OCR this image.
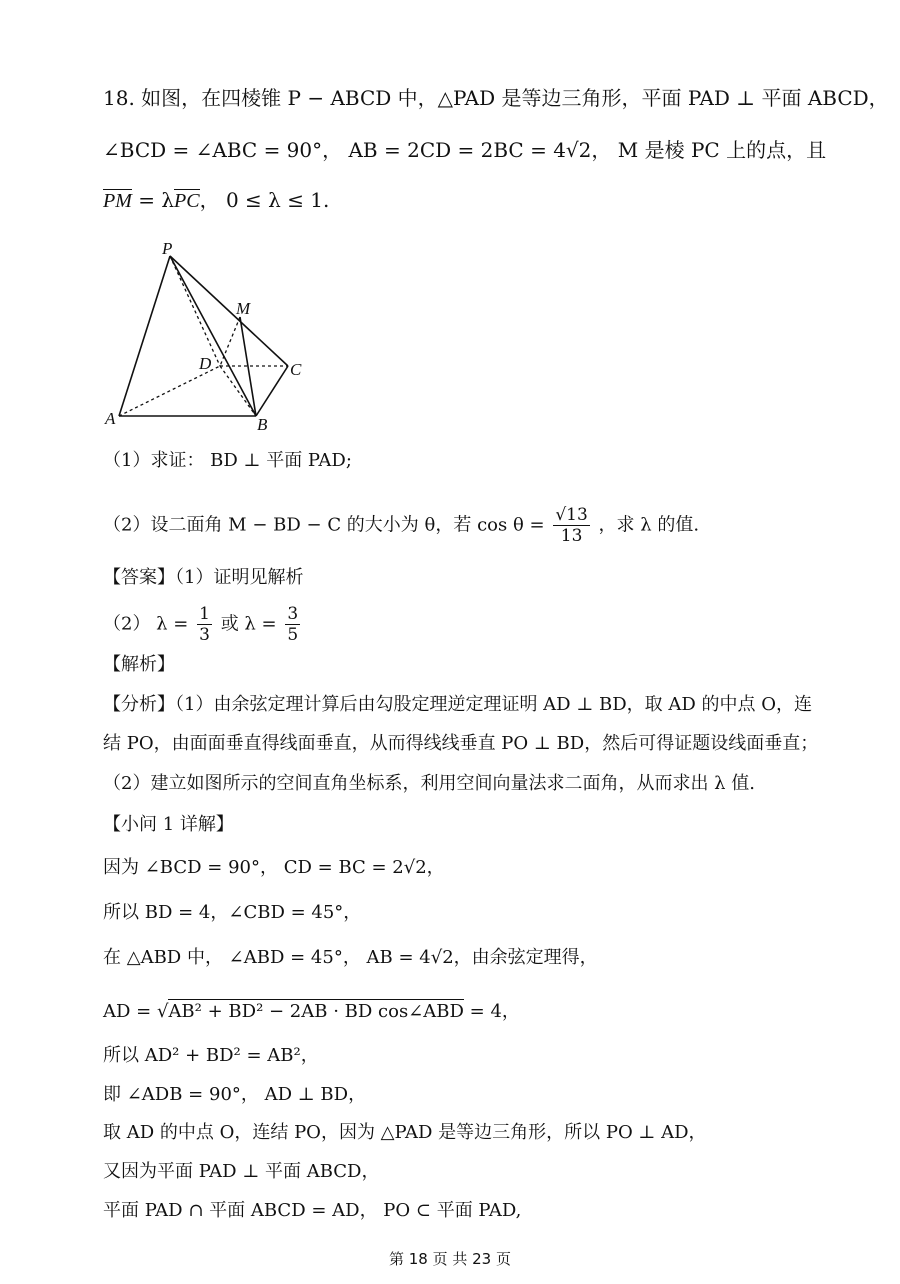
18. 如图，在四棱锥 P − ABCD 中，△PAD 是等边三角形，平面 PAD ⊥ 平面 ABCD，
∠BCD = ∠ABC = 90°， AB = 2CD = 2BC = 4√2， M 是棱 PC 上的点，且
PM = λPC， 0 ≤ λ ≤ 1.
P
M
D	C
A	B
（1）求证： BD ⊥ 平面 PAD;
（2）设二面角 M − BD − C 的大小为 θ，若 $\cos \theta = \frac{√13}{13}$ ，求 λ 的值.
【答案】（1）证明见解析
（2） $\lambda = \frac{1}{3}$ 或 $\lambda = \frac{3}{5}$
【解析】
【分析】（1）由余弦定理计算后由勾股定理逆定理证明 AD ⊥ BD，取 AD 的中点 O，连
结 PO，由面面垂直得线面垂直，从而得线线垂直 PO ⊥ BD，然后可得证题设线面垂直；
（2）建立如图所示的空间直角坐标系，利用空间向量法求二面角，从而求出 λ 值.
【小问 1 详解】
因为 ∠BCD = 90°， CD = BC = 2√2，
所以 BD = 4，∠CBD = 45°，
在 △ABD 中， ∠ABD = 45°， AB = 4√2，由余弦定理得，
AD = √AB² + BD² − 2AB · BD cos∠ABD = 4，
所以 AD² + BD² = AB²，
即 ∠ADB = 90°， AD ⊥ BD，
取 AD 的中点 O，连结 PO，因为 △PAD 是等边三角形，所以 PO ⊥ AD，
又因为平面 PAD ⊥ 平面 ABCD，
平面 PAD ∩ 平面 ABCD = AD， PO ⊂ 平面 PAD,
第 18 页 共 23 页
